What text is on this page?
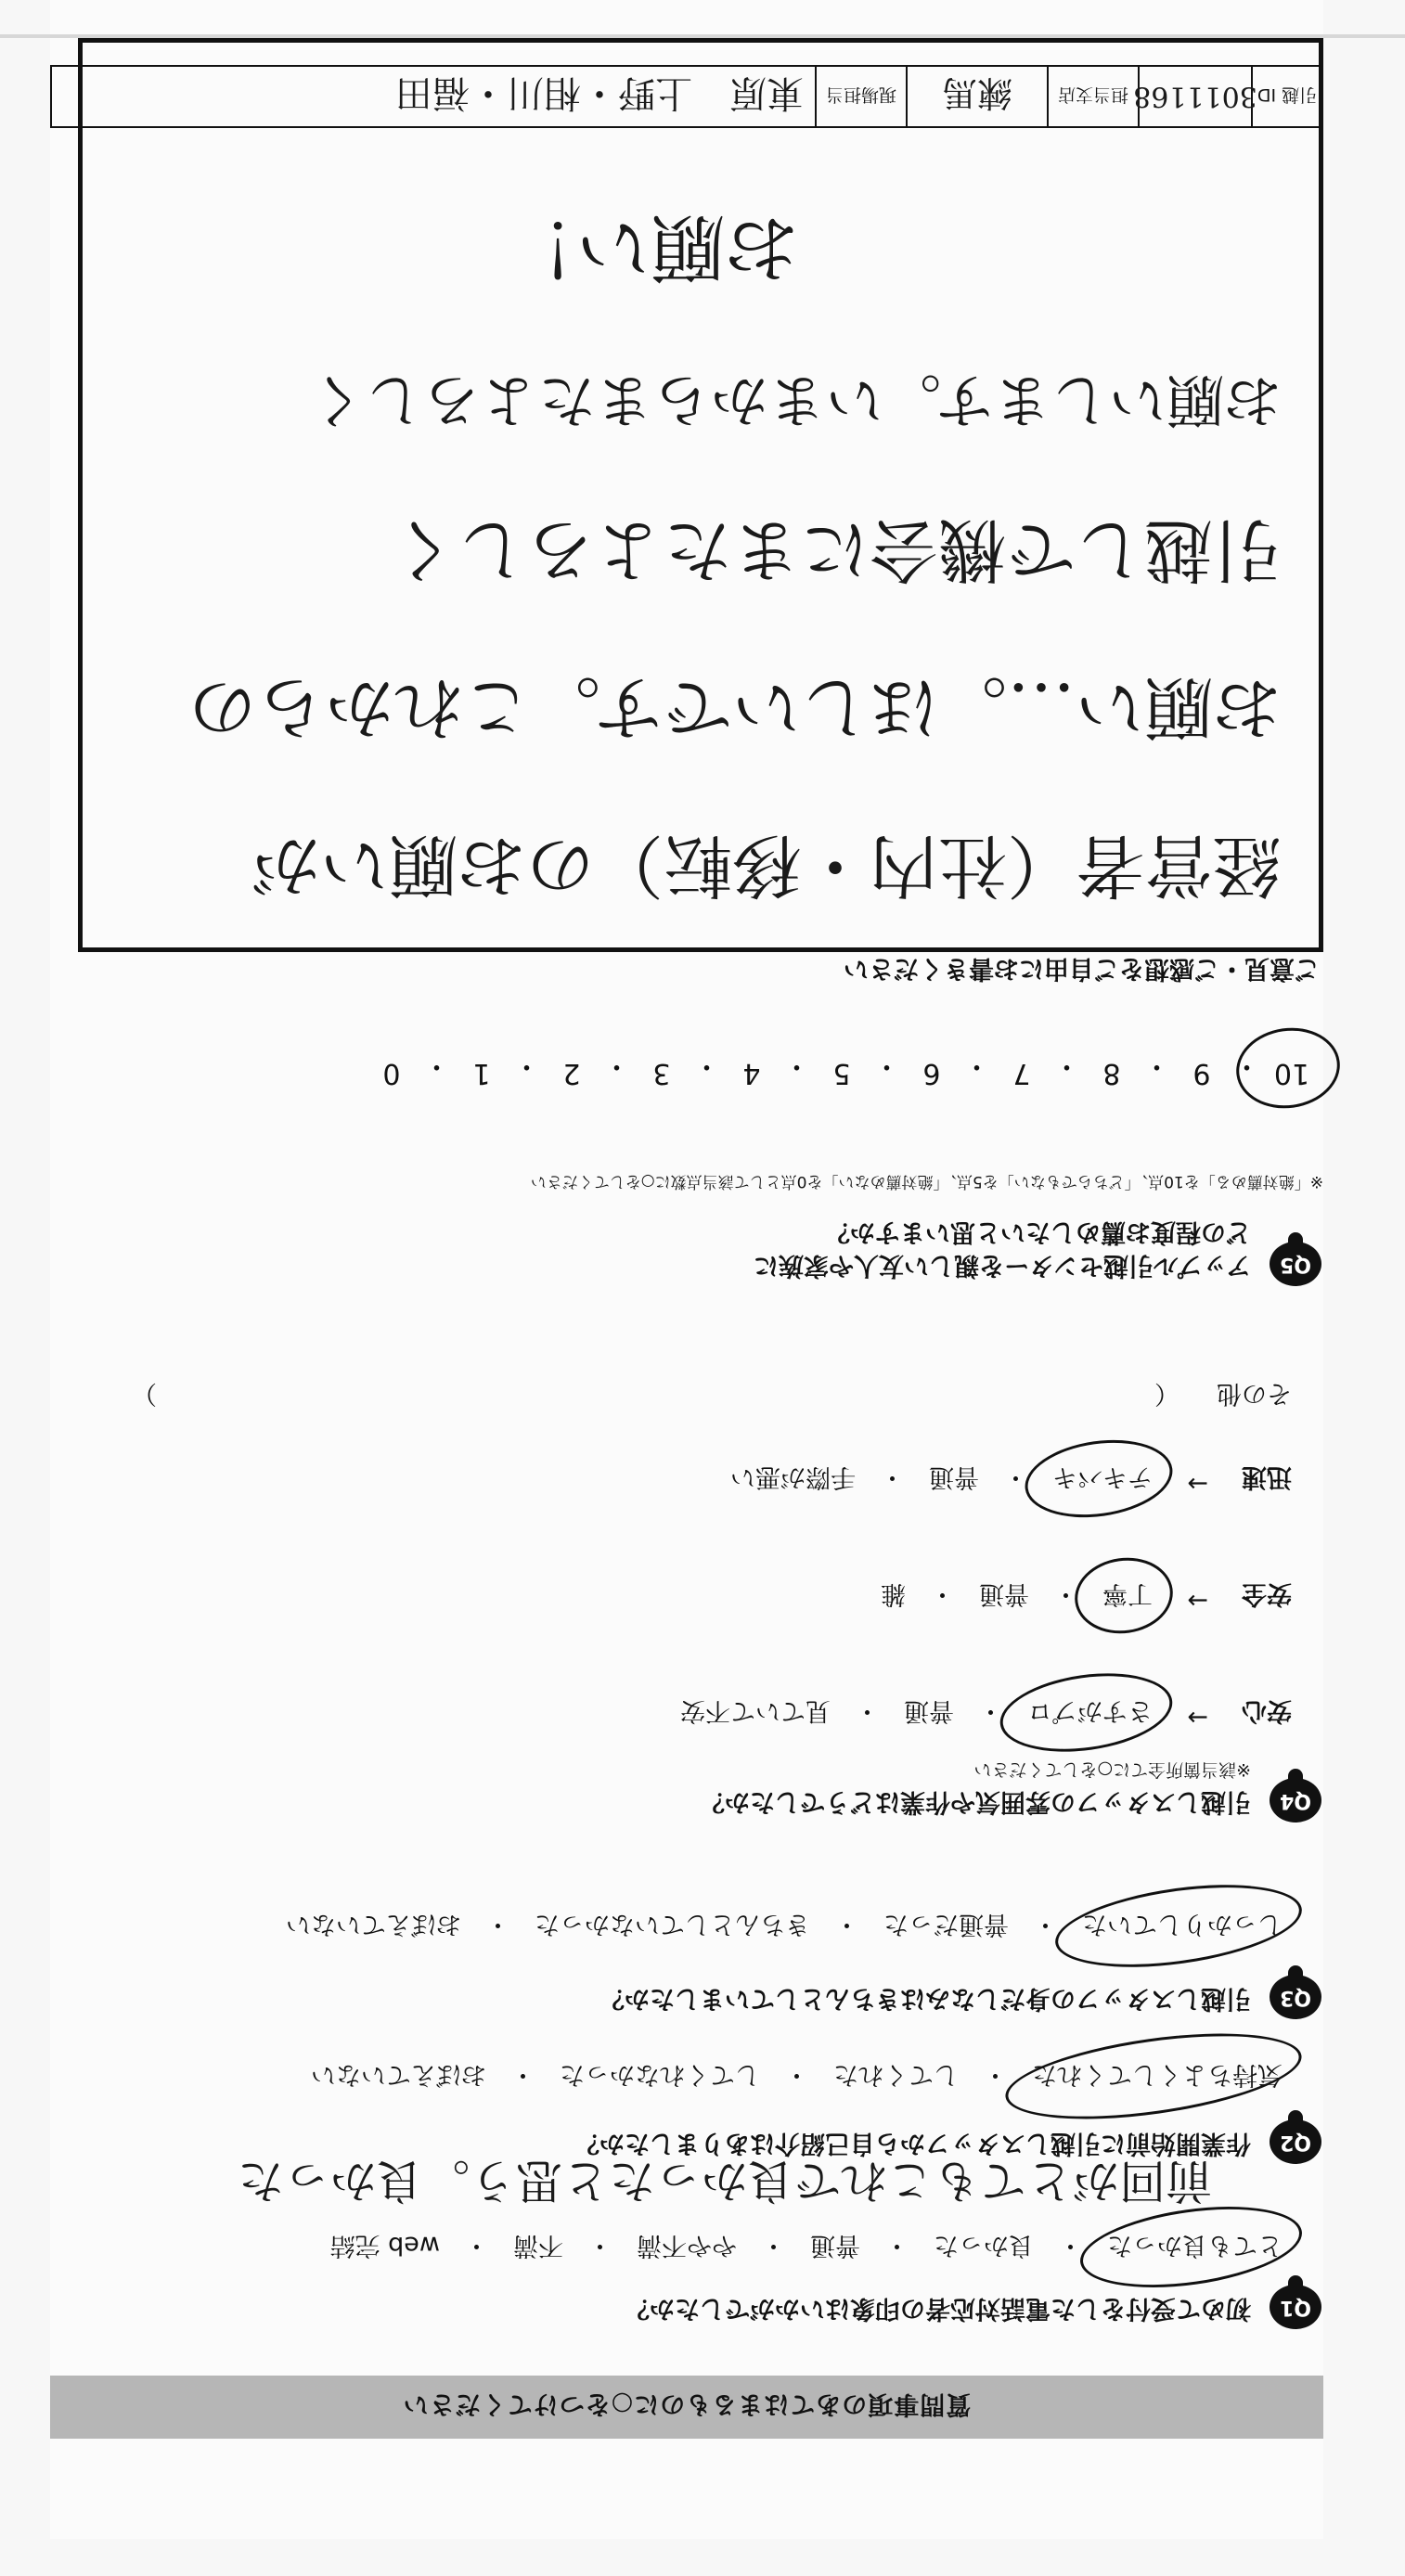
質問事項のあてはまるものに○をつけてください
Q1
初めて受付をした電話対応者の印象はいかがでしたか？
とても良かった
・
良かった
・
普通
・
やや不満
・
不満
・
web 完結
前回がとてもこれで良かったと思う。良かった
Q2
作業開始前に引越しスタッフから自己紹介はありましたか？
気持ちよくしてくれた
・
してくれた
・
してくれなかった
・
おぼえていない
Q3
引越しスタッフの身だしなみはきちんとしていましたか？
しっかりしていた
・
普通だった
・
きちんとしていなかった
・
おぼえていない
Q4
引越しスタッフの雰囲気や作業はどうでしたか？
※該当箇所全てに○をしてください
安心
→
さすがプロ
・
普通
・
見ていて不安
安全
→
丁寧
・
普通
・
雑
迅速
→
テキパキ
・
普通
・
手際が悪い
その他
（
）
Q5
アップル引越センターを親しい友人や家族に
どの程度お薦めしたいと思いますか？
※「絶対薦める」を10点、「どちらでもない」を5点、「絶対薦めない」を0点として該当点数に○をしてください
10
・
9
・
8
・
7
・
6
・
5
・
4
・
3
・
2
・
1
・
0
ご意見・ご感想をご自由にお書きください
経営者（社内・移転）のお願いが
お願い…。ほしいです。これからの
引越しで機会にまたよろしく
お願いします。いまからまたよろしく
お願い！
引越 ID
3011168
担当支店
練馬
現場担当
東原
上野・相川・福田
